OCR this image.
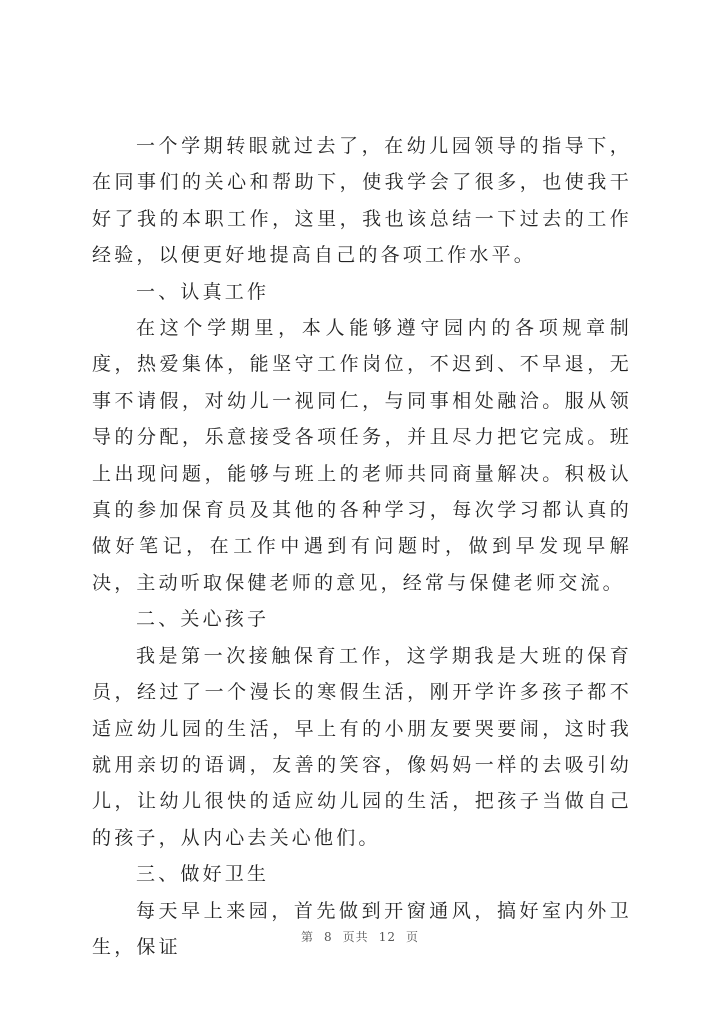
一个学期转眼就过去了，在幼儿园领导的指导下，在同事们的关心和帮助下，使我学会了很多，也使我干好了我的本职工作，这里，我也该总结一下过去的工作经验，以便更好地提高自己的各项工作水平。

一、认真工作

在这个学期里，本人能够遵守园内的各项规章制度，热爱集体，能坚守工作岗位，不迟到、不早退，无事不请假，对幼儿一视同仁，与同事相处融洽。服从领导的分配，乐意接受各项任务，并且尽力把它完成。班上出现问题，能够与班上的老师共同商量解决。积极认真的参加保育员及其他的各种学习，每次学习都认真的做好笔记，在工作中遇到有问题时，做到早发现早解决，主动听取保健老师的意见，经常与保健老师交流。

二、关心孩子

我是第一次接触保育工作，这学期我是大班的保育员，经过了一个漫长的寒假生活，刚开学许多孩子都不适应幼儿园的生活，早上有的小朋友要哭要闹，这时我就用亲切的语调，友善的笑容，像妈妈一样的去吸引幼儿，让幼儿很快的适应幼儿园的生活，把孩子当做自己的孩子，从内心去关心他们。

三、做好卫生

每天早上来园，首先做到开窗通风，搞好室内外卫生，保证	第 8 页共 12 页
